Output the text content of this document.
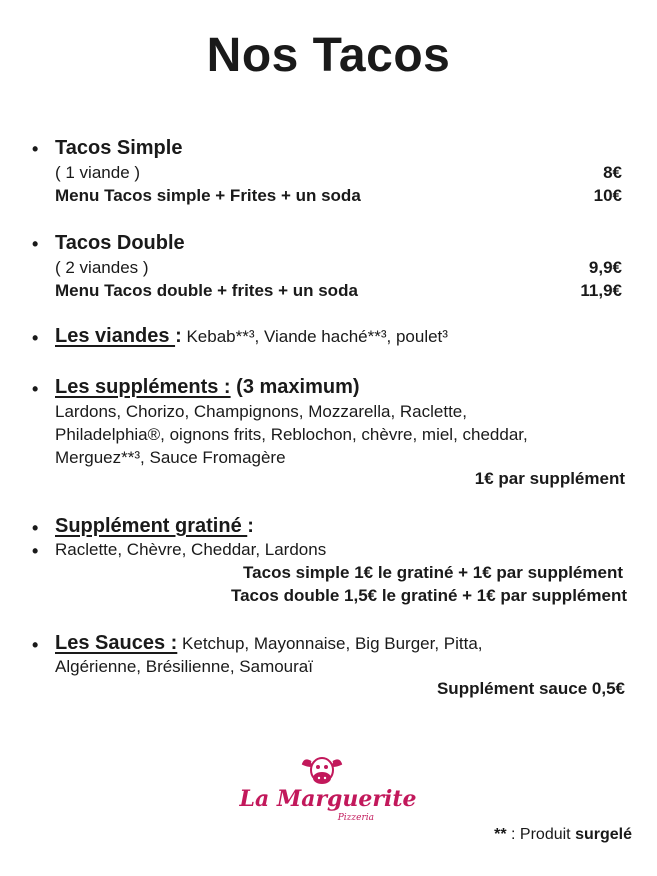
Nos Tacos
• Tacos Simple
( 1 viande )	8€
Menu Tacos simple + Frites + un soda	10€
• Tacos Double
( 2 viandes )	9,9€
Menu Tacos double + frites + un soda	11,9€
• Les viandes : Kebab**³, Viande haché**³, poulet³
• Les suppléments : (3 maximum)
Lardons, Chorizo, Champignons, Mozzarella, Raclette,
Philadelphia®, oignons frits, Reblochon, chèvre, miel, cheddar,
Merguez**³, Sauce Fromagère
1€ par supplément
• Supplément gratiné :
• Raclette, Chèvre, Cheddar, Lardons
Tacos simple 1€ le gratiné + 1€ par supplément
Tacos double 1,5€ le gratiné + 1€ par supplément
• Les Sauces : Ketchup, Mayonnaise, Big Burger, Pitta,
Algérienne, Brésilienne, Samouraï
Supplément sauce 0,5€
La Marguerite
Pizzeria
** : Produit surgelé
